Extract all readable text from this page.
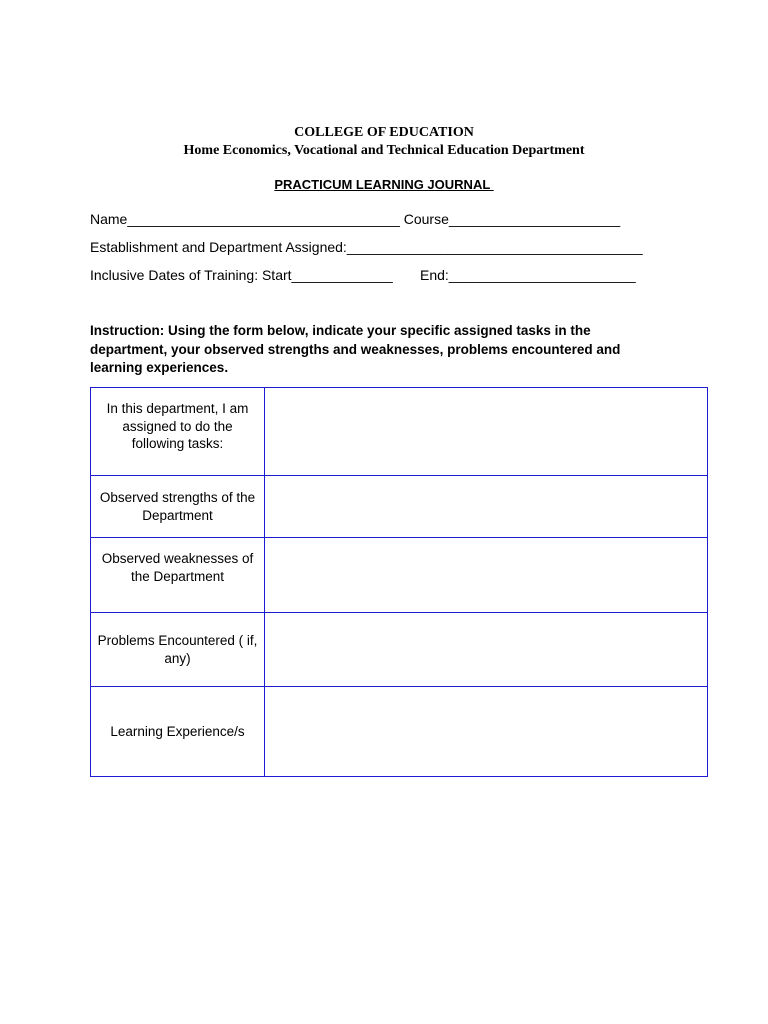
COLLEGE OF EDUCATION
Home Economics, Vocational and Technical Education Department
PRACTICUM LEARNING JOURNAL
Name___________________________________ Course______________________
Establishment and Department Assigned:______________________________________
Inclusive Dates of Training: Start_____________ End:________________________
Instruction: Using the form below, indicate your specific assigned tasks in the department, your observed strengths and weaknesses, problems encountered and learning experiences.
In this department, I am assigned to do the following tasks:	
Observed strengths of the Department	
Observed weaknesses of the Department	
Problems Encountered ( if, any)	
Learning Experience/s	
